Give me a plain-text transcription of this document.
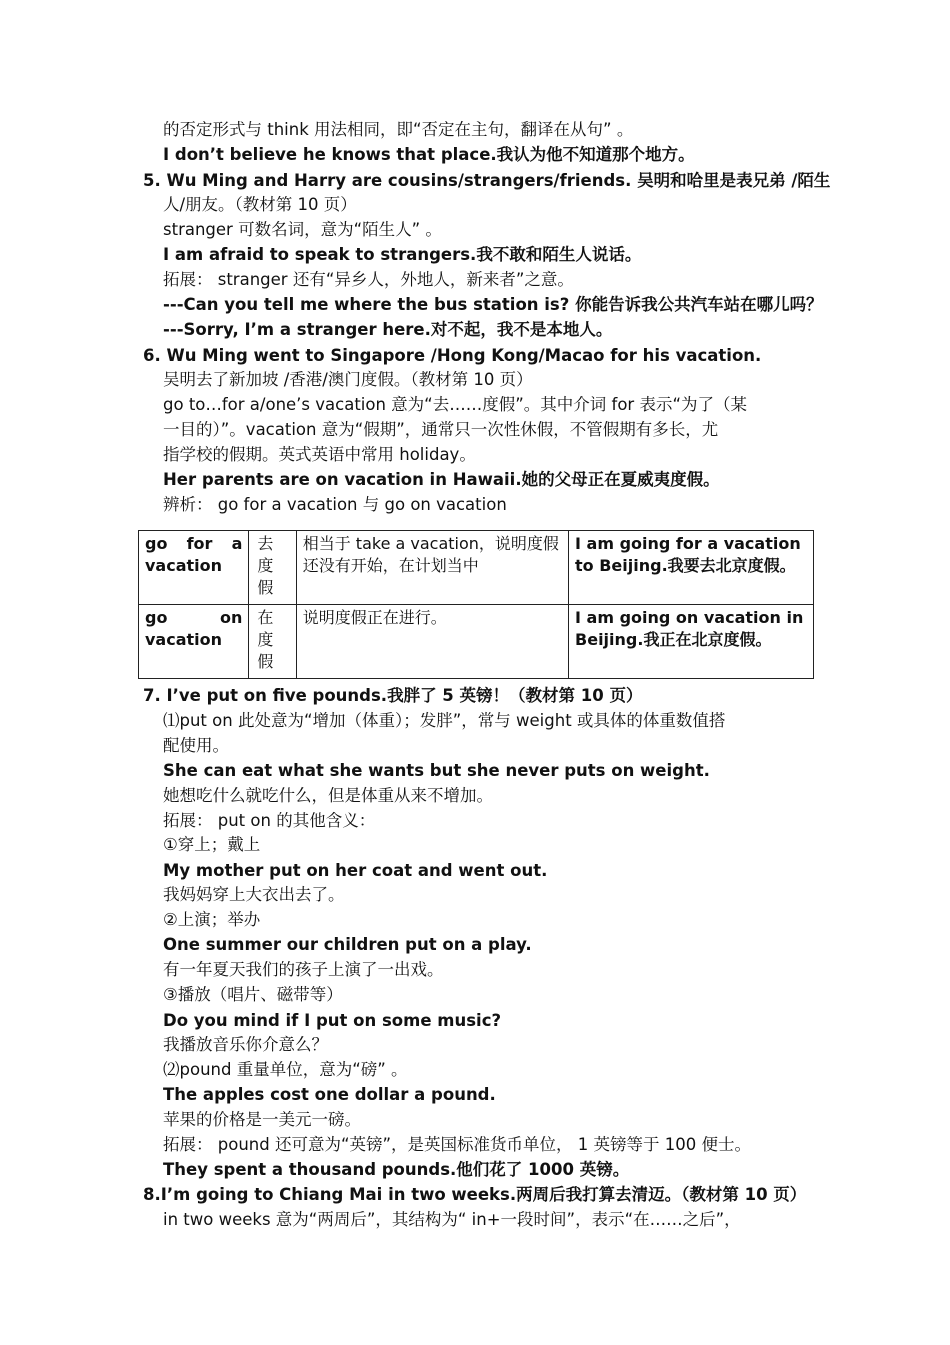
的否定形式与 think 用法相同，即“否定在主句，翻译在从句” 。
I don’t believe he knows that place.我认为他不知道那个地方。
5. Wu Ming and Harry are cousins/strangers/friends. 吴明和哈里是表兄弟 /陌生
人/朋友。（教材第 10 页）
stranger 可数名词，意为“陌生人” 。
I am afraid to speak to strangers.我不敢和陌生人说话。
拓展： stranger 还有“异乡人，外地人，新来者”之意。
---Can you tell me where the bus station is? 你能告诉我公共汽车站在哪儿吗？
---Sorry, I’m a stranger here.对不起，我不是本地人。
6. Wu Ming went to Singapore /Hong Kong/Macao for his vacation.
吴明去了新加坡 /香港/澳门度假。（教材第 10 页）
go to…for a/one’s vacation 意为“去……度假”。其中介词 for 表示“为了（某
一目的）”。vacation 意为“假期”，通常只一次性休假，不管假期有多长，尤
指学校的假期。英式英语中常用 holiday。
Her parents are on vacation in Hawaii.她的父母正在夏威夷度假。
辨析： go for a vacation 与 go on vacation
go for a vacation	去度假	相当于 take a vacation，说明度假还没有开始，在计划当中	I am going for a vacation to Beijing.我要去北京度假。
go on vacation	在度假	说明度假正在进行。	I am going on vacation in Beijing.我正在北京度假。
7. I’ve put on five pounds.我胖了 5 英镑！（教材第 10 页）
⑴put on 此处意为“增加（体重）；发胖”，常与 weight 或具体的体重数值搭
配使用。
She can eat what she wants but she never puts on weight.
她想吃什么就吃什么，但是体重从来不增加。
拓展： put on 的其他含义：
①穿上；戴上
My mother put on her coat and went out.
我妈妈穿上大衣出去了。
②上演；举办
One summer our children put on a play.
有一年夏天我们的孩子上演了一出戏。
③播放（唱片、磁带等）
Do you mind if I put on some music?
我播放音乐你介意么？
⑵pound 重量单位，意为“磅” 。
The apples cost one dollar a pound.
苹果的价格是一美元一磅。
拓展： pound 还可意为“英镑”，是英国标准货币单位， 1 英镑等于 100 便士。
They spent a thousand pounds.他们花了 1000 英镑。
8.I’m going to Chiang Mai in two weeks.两周后我打算去清迈。（教材第 10 页）
in two weeks 意为“两周后”，其结构为“ in+一段时间”，表示“在……之后”，
